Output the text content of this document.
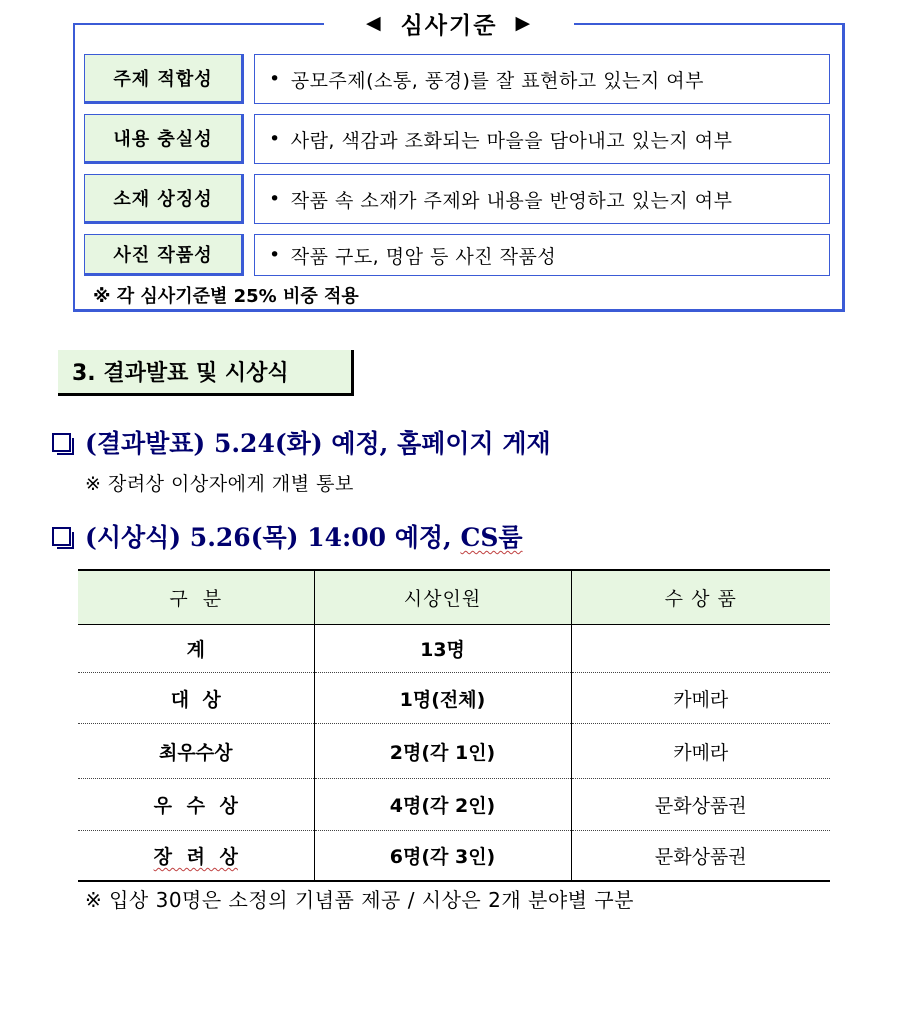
◀ 심사기준 ▶
주제 적합성	• 공모주제(소통, 풍경)를 잘 표현하고 있는지 여부
내용 충실성	• 사람, 색감과 조화되는 마을을 담아내고 있는지 여부
소재 상징성	• 작품 속 소재가 주제와 내용을 반영하고 있는지 여부
사진 작품성	• 작품 구도, 명암 등 사진 작품성
※ 각 심사기준별 25% 비중 적용
3. 결과발표 및 시상식
(결과발표) 5.24(화) 예정, 홈페이지 게재
※ 장려상 이상자에게 개별 통보
(시상식) 5.26(목) 14:00 예정, CS룸
구  분	시상인원	수 상 품
계	13명	
대  상	1명(전체)	카메라
최우수상	2명(각 1인)	카메라
우 수 상	4명(각 2인)	문화상품권
장 려 상	6명(각 3인)	문화상품권
※ 입상 30명은 소정의 기념품 제공 / 시상은 2개 분야별 구분
